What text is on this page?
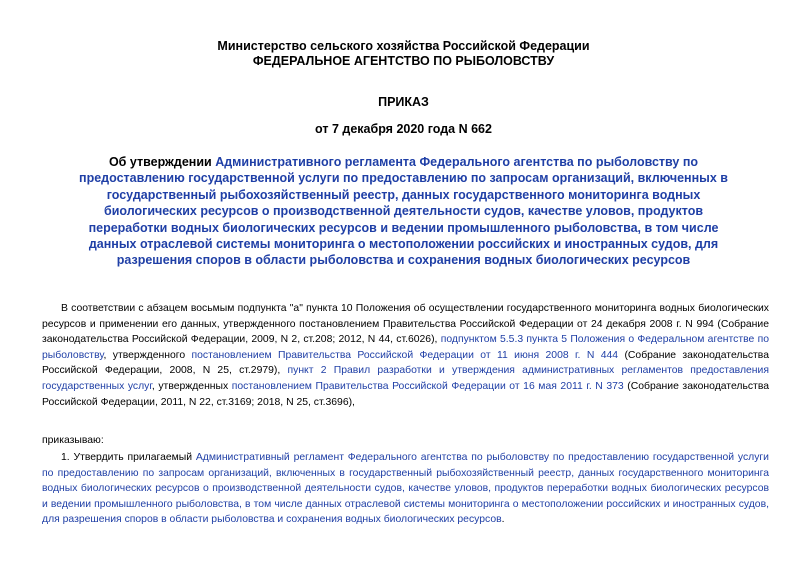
Министерство сельского хозяйства Российской Федерации
ФЕДЕРАЛЬНОЕ АГЕНТСТВО ПО РЫБОЛОВСТВУ
ПРИКАЗ
от 7 декабря 2020 года N 662
Об утверждении Административного регламента Федерального агентства по рыболовству по предоставлению государственной услуги по предоставлению по запросам организаций, включенных в государственный рыбохозяйственный реестр, данных государственного мониторинга водных биологических ресурсов о производственной деятельности судов, качестве уловов, продуктов переработки водных биологических ресурсов и ведении промышленного рыболовства, в том числе данных отраслевой системы мониторинга о местоположении российских и иностранных судов, для разрешения споров в области рыболовства и сохранения водных биологических ресурсов
В соответствии с абзацем восьмым подпункта "а" пункта 10 Положения об осуществлении государственного мониторинга водных биологических ресурсов и применении его данных, утвержденного постановлением Правительства Российской Федерации от 24 декабря 2008 г. N 994 (Собрание законодательства Российской Федерации, 2009, N 2, ст.208; 2012, N 44, ст.6026), подпунктом 5.5.3 пункта 5 Положения о Федеральном агентстве по рыболовству, утвержденного постановлением Правительства Российской Федерации от 11 июня 2008 г. N 444 (Собрание законодательства Российской Федерации, 2008, N 25, ст.2979), пункт 2 Правил разработки и утверждения административных регламентов предоставления государственных услуг, утвержденных постановлением Правительства Российской Федерации от 16 мая 2011 г. N 373 (Собрание законодательства Российской Федерации, 2011, N 22, ст.3169; 2018, N 25, ст.3696),
приказываю:
1. Утвердить прилагаемый Административный регламент Федерального агентства по рыболовству по предоставлению государственной услуги по предоставлению по запросам организаций, включенных в государственный рыбохозяйственный реестр, данных государственного мониторинга водных биологических ресурсов о производственной деятельности судов, качестве уловов, продуктов переработки водных биологических ресурсов и ведении промышленного рыболовства, в том числе данных отраслевой системы мониторинга о местоположении российских и иностранных судов, для разрешения споров в области рыболовства и сохранения водных биологических ресурсов.
